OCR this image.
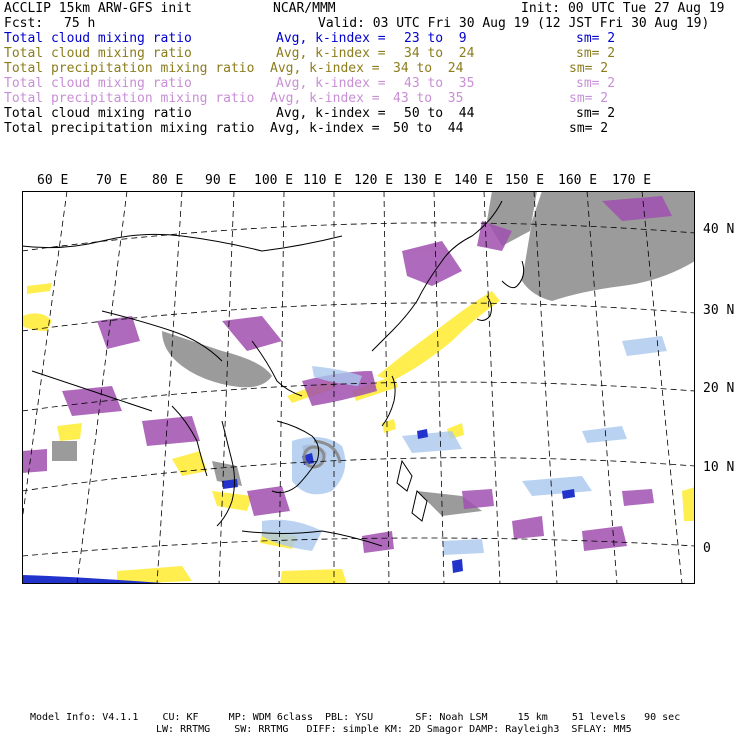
ACCLIP 15km ARW-GFS init	NCAR/MMM	Init: 00 UTC Tue 27 Aug 19
Fcst: 75 h	Valid: 03 UTC Fri 30 Aug 19 (12 JST Fri 30 Aug 19)
Total cloud mixing ratio	Avg, k-index = 23 to  9	sm= 2
Total cloud mixing ratio	Avg, k-index = 34 to  24	sm= 2
Total precipitation mixing ratio Avg, k-index = 34 to  24	sm= 2
Total cloud mixing ratio	Avg, k-index = 43 to  35	sm= 2
Total precipitation mixing ratio Avg, k-index = 43 to  35	sm= 2
Total cloud mixing ratio	Avg, k-index = 50 to  44	sm= 2
Total precipitation mixing ratio Avg, k-index = 50 to  44	sm= 2
60 E 70 E 80 E 90 E 100 E 110 E 120 E 130 E 140 E 150 E 160 E 170 E
40 N
30 N
20 N
10 N
0
Model Info: V4.1.1    CU: KF     MP: WDM 6class  PBL: YSU       SF: Noah LSM     15 km    51 levels   90 sec
LW: RRTMG    SW: RRTMG   DIFF: simple KM: 2D Smagor DAMP: Rayleigh3  SFLAY: MM5
